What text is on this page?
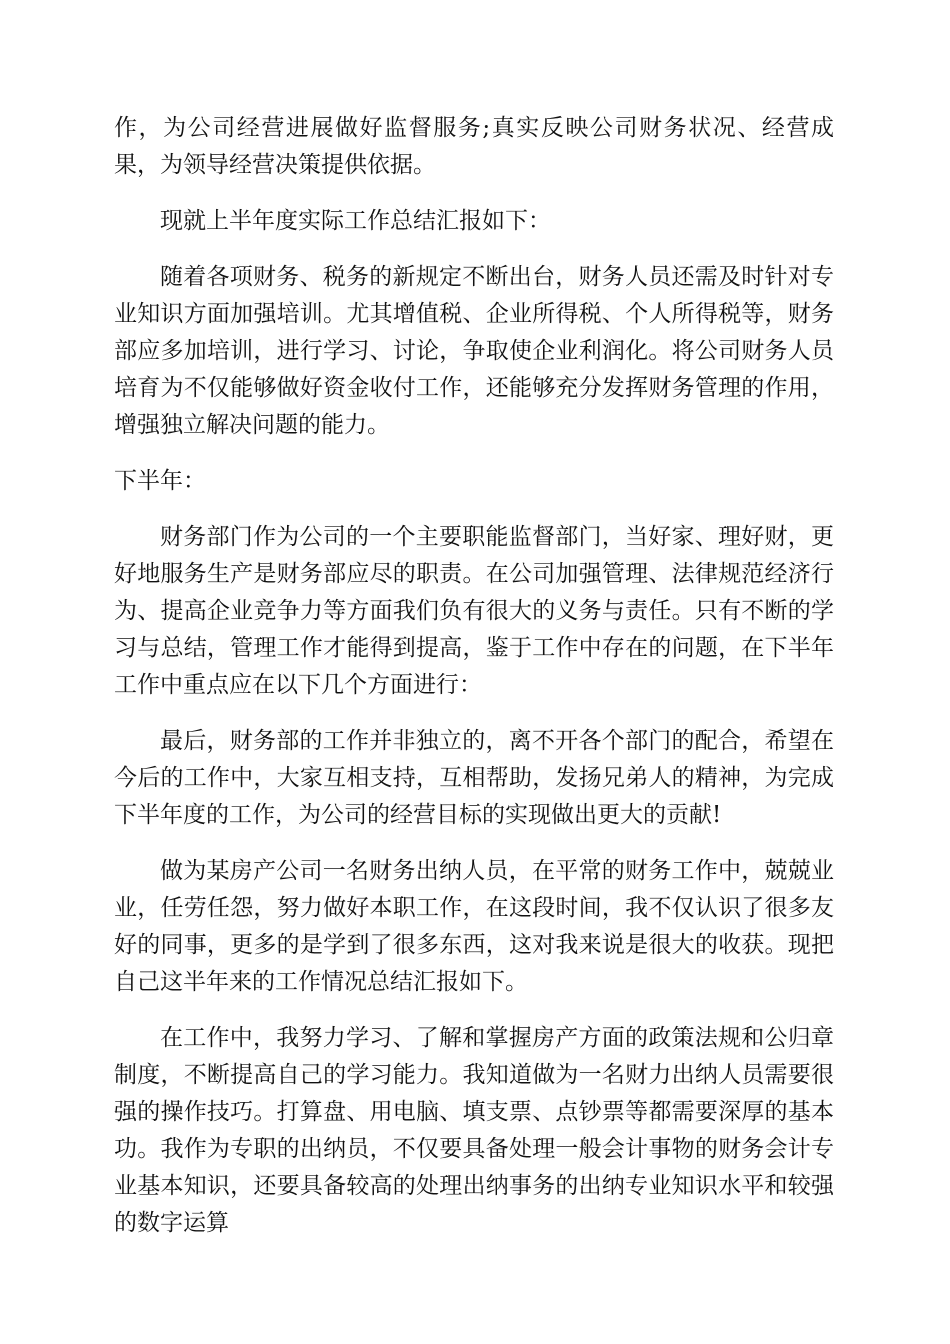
作，为公司经营进展做好监督服务;真实反映公司财务状况、经营成果，为领导经营决策提供依据。

现就上半年度实际工作总结汇报如下：

随着各项财务、税务的新规定不断出台，财务人员还需及时针对专业知识方面加强培训。尤其增值税、企业所得税、个人所得税等，财务部应多加培训，进行学习、讨论，争取使企业利润化。将公司财务人员培育为不仅能够做好资金收付工作，还能够充分发挥财务管理的作用，增强独立解决问题的能力。

下半年：

财务部门作为公司的一个主要职能监督部门，当好家、理好财，更好地服务生产是财务部应尽的职责。在公司加强管理、法律规范经济行为、提高企业竞争力等方面我们负有很大的义务与责任。只有不断的学习与总结，管理工作才能得到提高，鉴于工作中存在的问题，在下半年工作中重点应在以下几个方面进行：

最后，财务部的工作并非独立的，离不开各个部门的配合，希望在今后的工作中，大家互相支持，互相帮助，发扬兄弟人的精神，为完成下半年度的工作，为公司的经营目标的实现做出更大的贡献!

做为某房产公司一名财务出纳人员，在平常的财务工作中，兢兢业业，任劳任怨，努力做好本职工作，在这段时间，我不仅认识了很多友好的同事，更多的是学到了很多东西，这对我来说是很大的收获。现把自己这半年来的工作情况总结汇报如下。

在工作中，我努力学习、了解和掌握房产方面的政策法规和公归章制度，不断提高自己的学习能力。我知道做为一名财力出纳人员需要很强的操作技巧。打算盘、用电脑、填支票、点钞票等都需要深厚的基本功。我作为专职的出纳员，不仅要具备处理一般会计事物的财务会计专业基本知识，还要具备较高的处理出纳事务的出纳专业知识水平和较强的数字运算
